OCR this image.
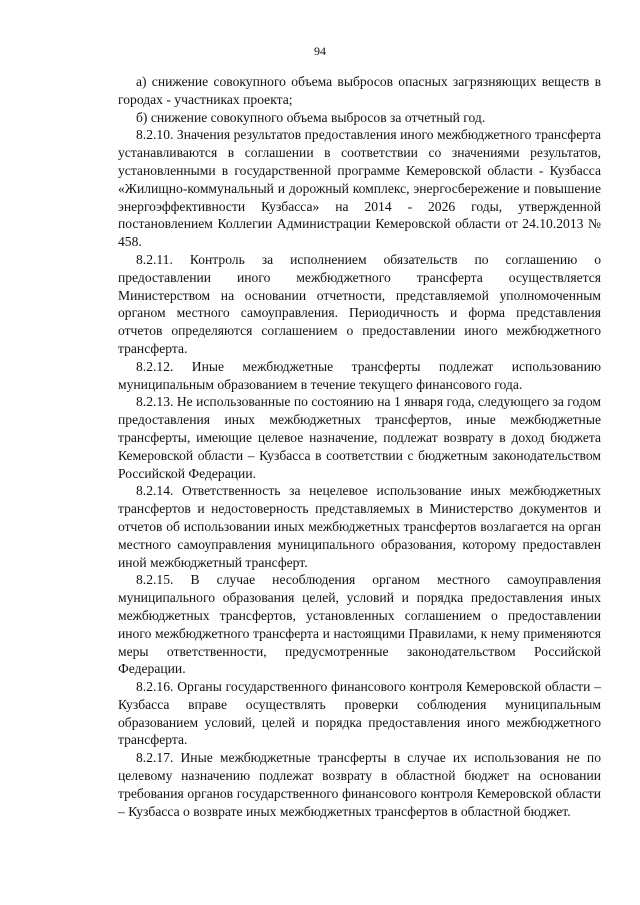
94

а) снижение совокупного объема выбросов опасных загрязняющих веществ в городах - участниках проекта;

б) снижение совокупного объема выбросов за отчетный год.

8.2.10. Значения результатов предоставления иного межбюджетного трансферта устанавливаются в соглашении в соответствии со значениями результатов, установленными в государственной программе Кемеровской области - Кузбасса «Жилищно-коммунальный и дорожный комплекс, энергосбережение и повышение энергоэффективности Кузбасса» на 2014 - 2026 годы, утвержденной постановлением Коллегии Администрации Кемеровской области от 24.10.2013 № 458.

8.2.11. Контроль за исполнением обязательств по соглашению о предоставлении иного межбюджетного трансферта осуществляется Министерством на основании отчетности, представляемой уполномоченным органом местного самоуправления. Периодичность и форма представления отчетов определяются соглашением о предоставлении иного межбюджетного трансферта.

8.2.12. Иные межбюджетные трансферты подлежат использованию муниципальным образованием в течение текущего финансового года.

8.2.13. Не использованные по состоянию на 1 января года, следующего за годом предоставления иных межбюджетных трансфертов, иные межбюджетные трансферты, имеющие целевое назначение, подлежат возврату в доход бюджета Кемеровской области – Кузбасса в соответствии с бюджетным законодательством Российской Федерации.

8.2.14. Ответственность за нецелевое использование иных межбюджетных трансфертов и недостоверность представляемых в Министерство документов и отчетов об использовании иных межбюджетных трансфертов возлагается на орган местного самоуправления муниципального образования, которому предоставлен иной межбюджетный трансферт.

8.2.15. В случае несоблюдения органом местного самоуправления муниципального образования целей, условий и порядка предоставления иных межбюджетных трансфертов, установленных соглашением о предоставлении иного межбюджетного трансферта и настоящими Правилами, к нему применяются меры ответственности, предусмотренные законодательством Российской Федерации.

8.2.16. Органы государственного финансового контроля Кемеровской области – Кузбасса вправе осуществлять проверки соблюдения муниципальным образованием условий, целей и порядка предоставления иного межбюджетного трансферта.

8.2.17. Иные межбюджетные трансферты в случае их использования не по целевому назначению подлежат возврату в областной бюджет на основании требования органов государственного финансового контроля Кемеровской области – Кузбасса о возврате иных межбюджетных трансфертов в областной бюджет.
